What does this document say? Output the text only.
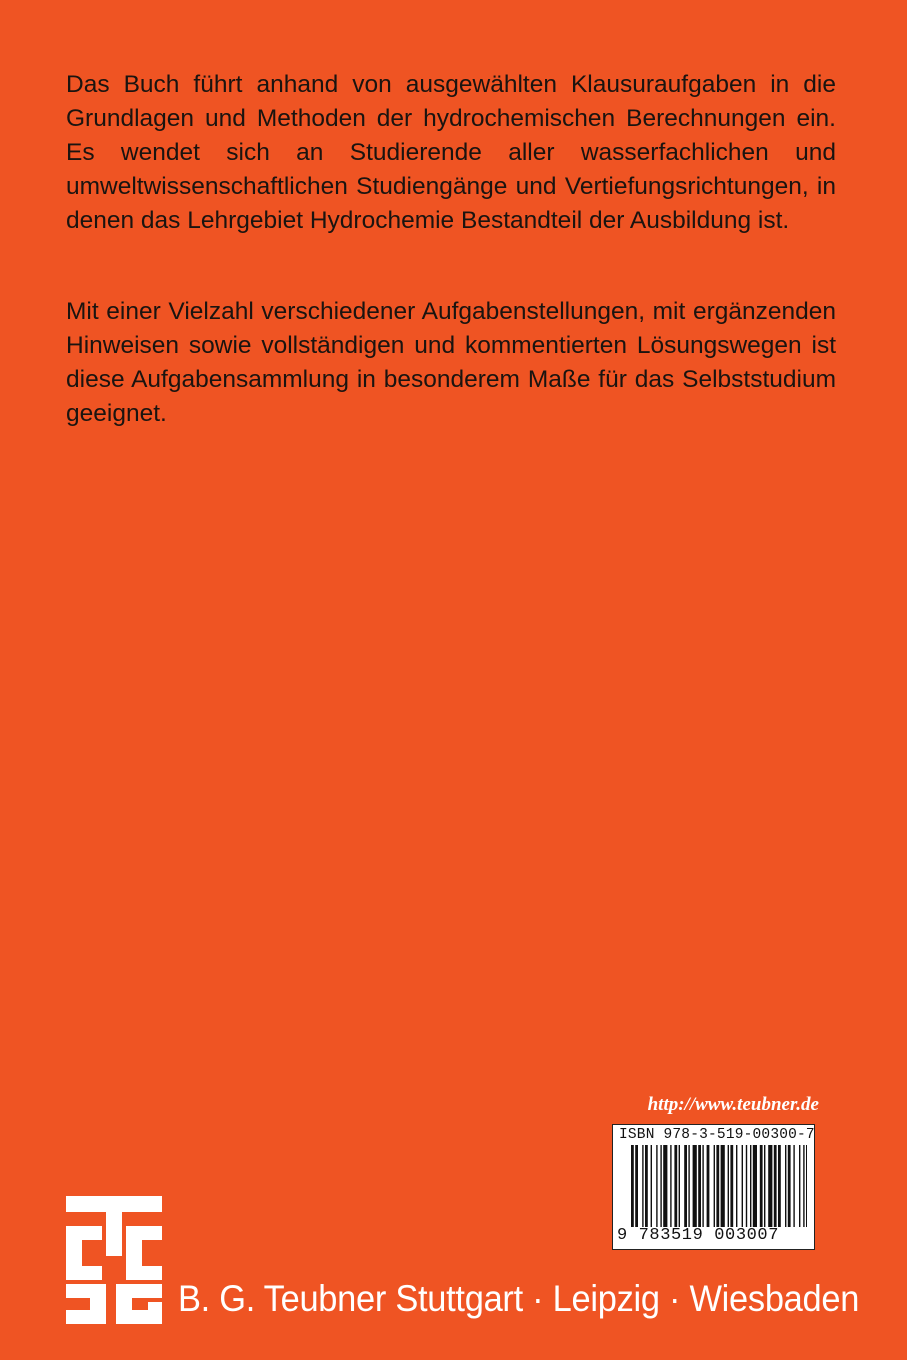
Das Buch führt anhand von ausgewählten Klausuraufgaben in die Grundlagen und Methoden der hydrochemischen Berechnungen ein. Es wendet sich an Studierende aller wasserfachlichen und umweltwissenschaftlichen Studiengänge und Vertiefungsrichtungen, in denen das Lehrgebiet Hydrochemie Bestandteil der Ausbildung ist.

Mit einer Vielzahl verschiedener Aufgabenstellungen, mit ergänzenden Hinweisen sowie vollständigen und kommentierten Lösungswegen ist diese Aufgabensammlung in besonderem Maße für das Selbststudium geeignet.

http://www.teubner.de
ISBN 978-3-519-00300-7
9 783519 003007
B. G. Teubner Stuttgart · Leipzig · Wiesbaden
